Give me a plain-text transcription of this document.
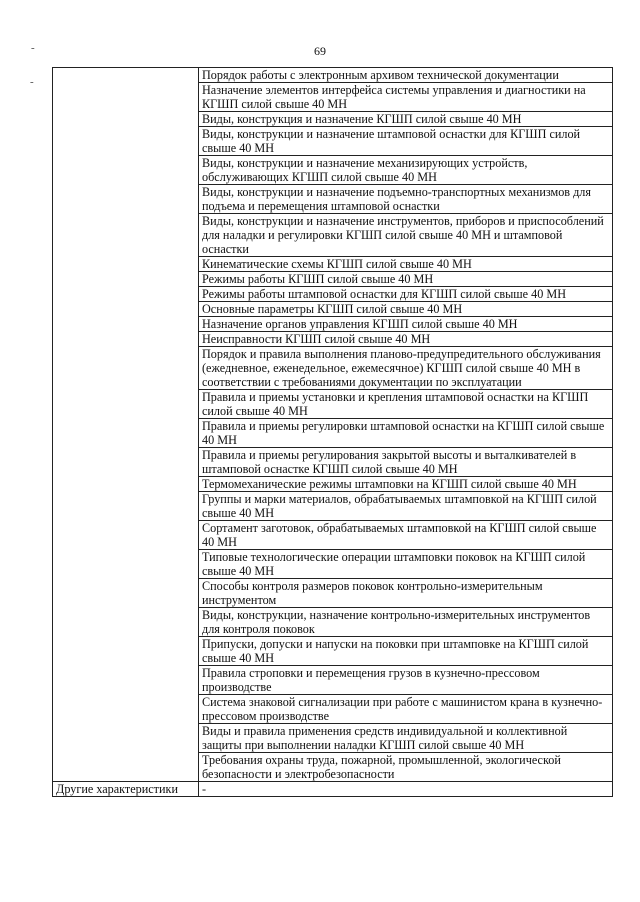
69
-
-
		Порядок работы с электронным архивом технической документации
	Назначение элементов интерфейса системы управления и диагностики на КГШП силой свыше 40 МН
	Виды, конструкция и назначение КГШП силой свыше 40 МН
	Виды, конструкции и назначение штамповой оснастки для КГШП силой свыше 40 МН
	Виды, конструкции и назначение механизирующих устройств, обслуживающих КГШП силой свыше 40 МН
	Виды, конструкции и назначение подъемно-транспортных механизмов для подъема и перемещения штамповой оснастки
	Виды, конструкции и назначение инструментов, приборов и приспособлений для наладки и регулировки КГШП силой свыше 40 МН и штамповой оснастки
	Кинематические схемы КГШП силой свыше 40 МН
	Режимы работы КГШП силой свыше 40 МН
	Режимы работы штамповой оснастки для КГШП силой свыше 40 МН
	Основные параметры КГШП силой свыше 40 МН
	Назначение органов управления КГШП силой свыше 40 МН
	Неисправности КГШП силой свыше 40 МН
	Порядок и правила выполнения планово-предупредительного обслуживания (ежедневное, еженедельное, ежемесячное) КГШП силой свыше 40 МН в соответствии с требованиями документации по эксплуатации
	Правила и приемы установки и крепления штамповой оснастки на КГШП силой свыше 40 МН
	Правила и приемы регулировки штамповой оснастки на КГШП силой свыше 40 МН
	Правила и приемы регулирования закрытой высоты и выталкивателей в штамповой оснастке КГШП силой свыше 40 МН
	Термомеханические режимы штамповки на КГШП силой свыше 40 МН
	Группы и марки материалов, обрабатываемых штамповкой на КГШП силой свыше 40 МН
	Сортамент заготовок, обрабатываемых штамповкой на КГШП силой свыше 40 МН
	Типовые технологические операции штамповки поковок на КГШП силой свыше 40 МН
	Способы контроля размеров поковок контрольно-измерительным инструментом
	Виды, конструкции, назначение контрольно-измерительных инструментов для контроля поковок
	Припуски, допуски и напуски на поковки при штамповке на КГШП силой свыше 40 МН
	Правила строповки и перемещения грузов в кузнечно-прессовом производстве
	Система знаковой сигнализации при работе с машинистом крана в кузнечно-прессовом производстве
	Виды и правила применения средств индивидуальной и коллективной защиты при выполнении наладки КГШП силой свыше 40 МН
	Требования охраны труда, пожарной, промышленной, экологической безопасности и электробезопасности
Другие характеристики	-
